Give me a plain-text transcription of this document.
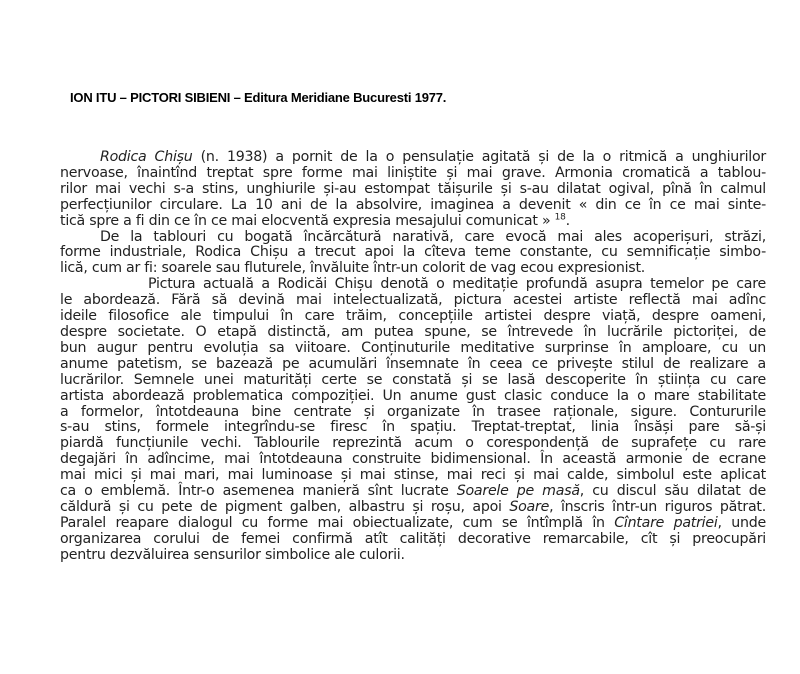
ION ITU – PICTORI SIBIENI – Editura Meridiane Bucuresti 1977.
Rodica Chișu (n. 1938) a pornit de la o pensulație agitată și de la o ritmică a unghiurilor
nervoase, înaintînd treptat spre forme mai liniștite și mai grave. Armonia cromatică a tablou-
rilor mai vechi s-a stins, unghiurile și-au estompat tăișurile și s-au dilatat ogival, pînă în calmul
perfecțiunilor circulare. La 10 ani de la absolvire, imaginea a devenit « din ce în ce mai sinte-
tică spre a fi din ce în ce mai elocventă expresia mesajului comunicat » $^{18}$.
De la tablouri cu bogată încărcătură narativă, care evocă mai ales acoperișuri, străzi,
forme industriale, Rodica Chișu a trecut apoi la cîteva teme constante, cu semnificație simbo-
lică, cum ar fi: soarele sau fluturele, învăluite într-un colorit de vag ecou expresionist.
Pictura actuală a Rodicăi Chișu denotă o meditație profundă asupra temelor pe care
le abordează. Fără să devină mai intelectualizată, pictura acestei artiste reflectă mai adînc
ideile filosofice ale timpului în care trăim, concepțiile artistei despre viață, despre oameni,
despre societate. O etapă distinctă, am putea spune, se întrevede în lucrările pictoriței, de
bun augur pentru evoluția sa viitoare. Conținuturile meditative surprinse în amploare, cu un
anume patetism, se bazează pe acumulări însemnate în ceea ce privește stilul de realizare a
lucrărilor. Semnele unei maturități certe se constată și se lasă descoperite în știința cu care
artista abordează problematica compoziției. Un anume gust clasic conduce la o mare stabilitate
a formelor, întotdeauna bine centrate și organizate în trasee raționale, sigure. Contururile
s-au stins, formele integrîndu-se firesc în spațiu. Treptat-treptat, linia însăși pare să-și
piardă funcțiunile vechi. Tablourile reprezintă acum o corespondență de suprafețe cu rare
degajări în adîncime, mai întotdeauna construite bidimensional. În această armonie de ecrane
mai mici și mai mari, mai luminoase și mai stinse, mai reci și mai calde, simbolul este aplicat
ca o emblemă. Într-o asemenea manieră sînt lucrate Soarele pe masă, cu discul său dilatat de
căldură și cu pete de pigment galben, albastru și roșu, apoi Soare, înscris într-un riguros pătrat.
Paralel reapare dialogul cu forme mai obiectualizate, cum se întîmplă în Cîntare patriei, unde
organizarea corului de femei confirmă atît calități decorative remarcabile, cît și preocupări
pentru dezvăluirea sensurilor simbolice ale culorii.
